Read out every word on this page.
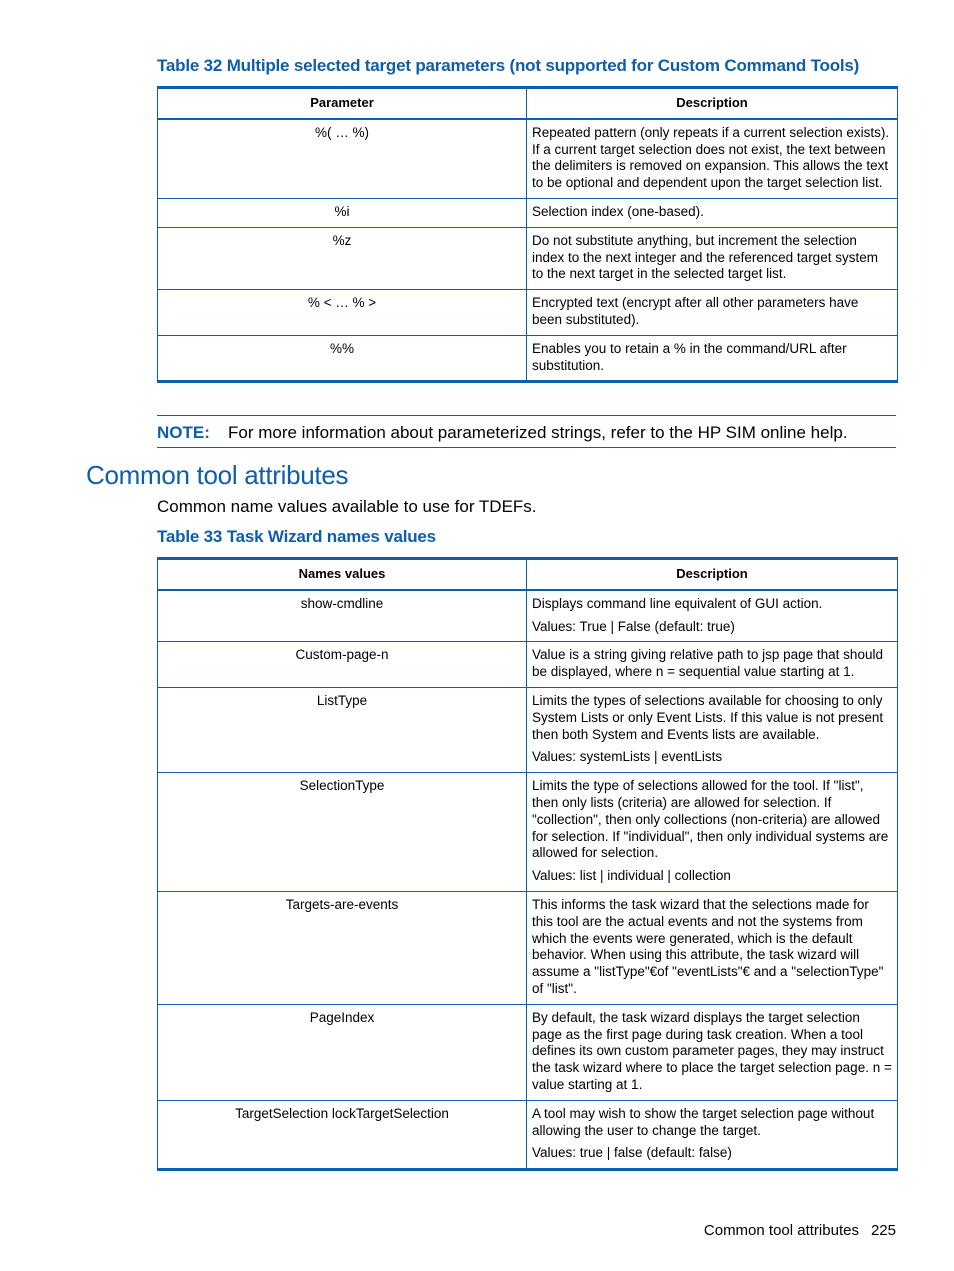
Table 32 Multiple selected target parameters (not supported for Custom Command Tools)

Parameter	Description
%( … %)	Repeated pattern (only repeats if a current selection exists). If a current target selection does not exist, the text between the delimiters is removed on expansion. This allows the text to be optional and dependent upon the target selection list.

%i	Selection index (one-based).

%z	Do not substitute anything, but increment the selection index to the next integer and the referenced target system to the next target in the selected target list.

% < … % >	Encrypted text (encrypt after all other parameters have been substituted).

%%	Enables you to retain a % in the command/URL after substitution.

NOTE: For more information about parameterized strings, refer to the HP SIM online help.
Common tool attributes

Common name values available to use for TDEFs.

Table 33 Task Wizard names values

Names values	Description
show-cmdline	Displays command line equivalent of GUI action.

Values: True | False (default: true)

Custom-page-n	Value is a string giving relative path to jsp page that should be displayed, where n = sequential value starting at 1.

ListType	Limits the types of selections available for choosing to only System Lists or only Event Lists. If this value is not present then both System and Events lists are available.

Values: systemLists | eventLists

SelectionType	Limits the type of selections allowed for the tool. If "list", then only lists (criteria) are allowed for selection. If "collection", then only collections (non-criteria) are allowed for selection. If "individual", then only individual systems are allowed for selection.

Values: list | individual | collection

Targets-are-events	This informs the task wizard that the selections made for this tool are the actual events and not the systems from which the events were generated, which is the default behavior. When using this attribute, the task wizard will assume a "listType"€of "eventLists"€ and a "selectionType" of "list".

PageIndex	By default, the task wizard displays the target selection page as the first page during task creation. When a tool defines its own custom parameter pages, they may instruct the task wizard where to place the target selection page. n = value starting at 1.

TargetSelection lockTargetSelection	A tool may wish to show the target selection page without allowing the user to change the target.

Values: true | false (default: false)

Common tool attributes 225
